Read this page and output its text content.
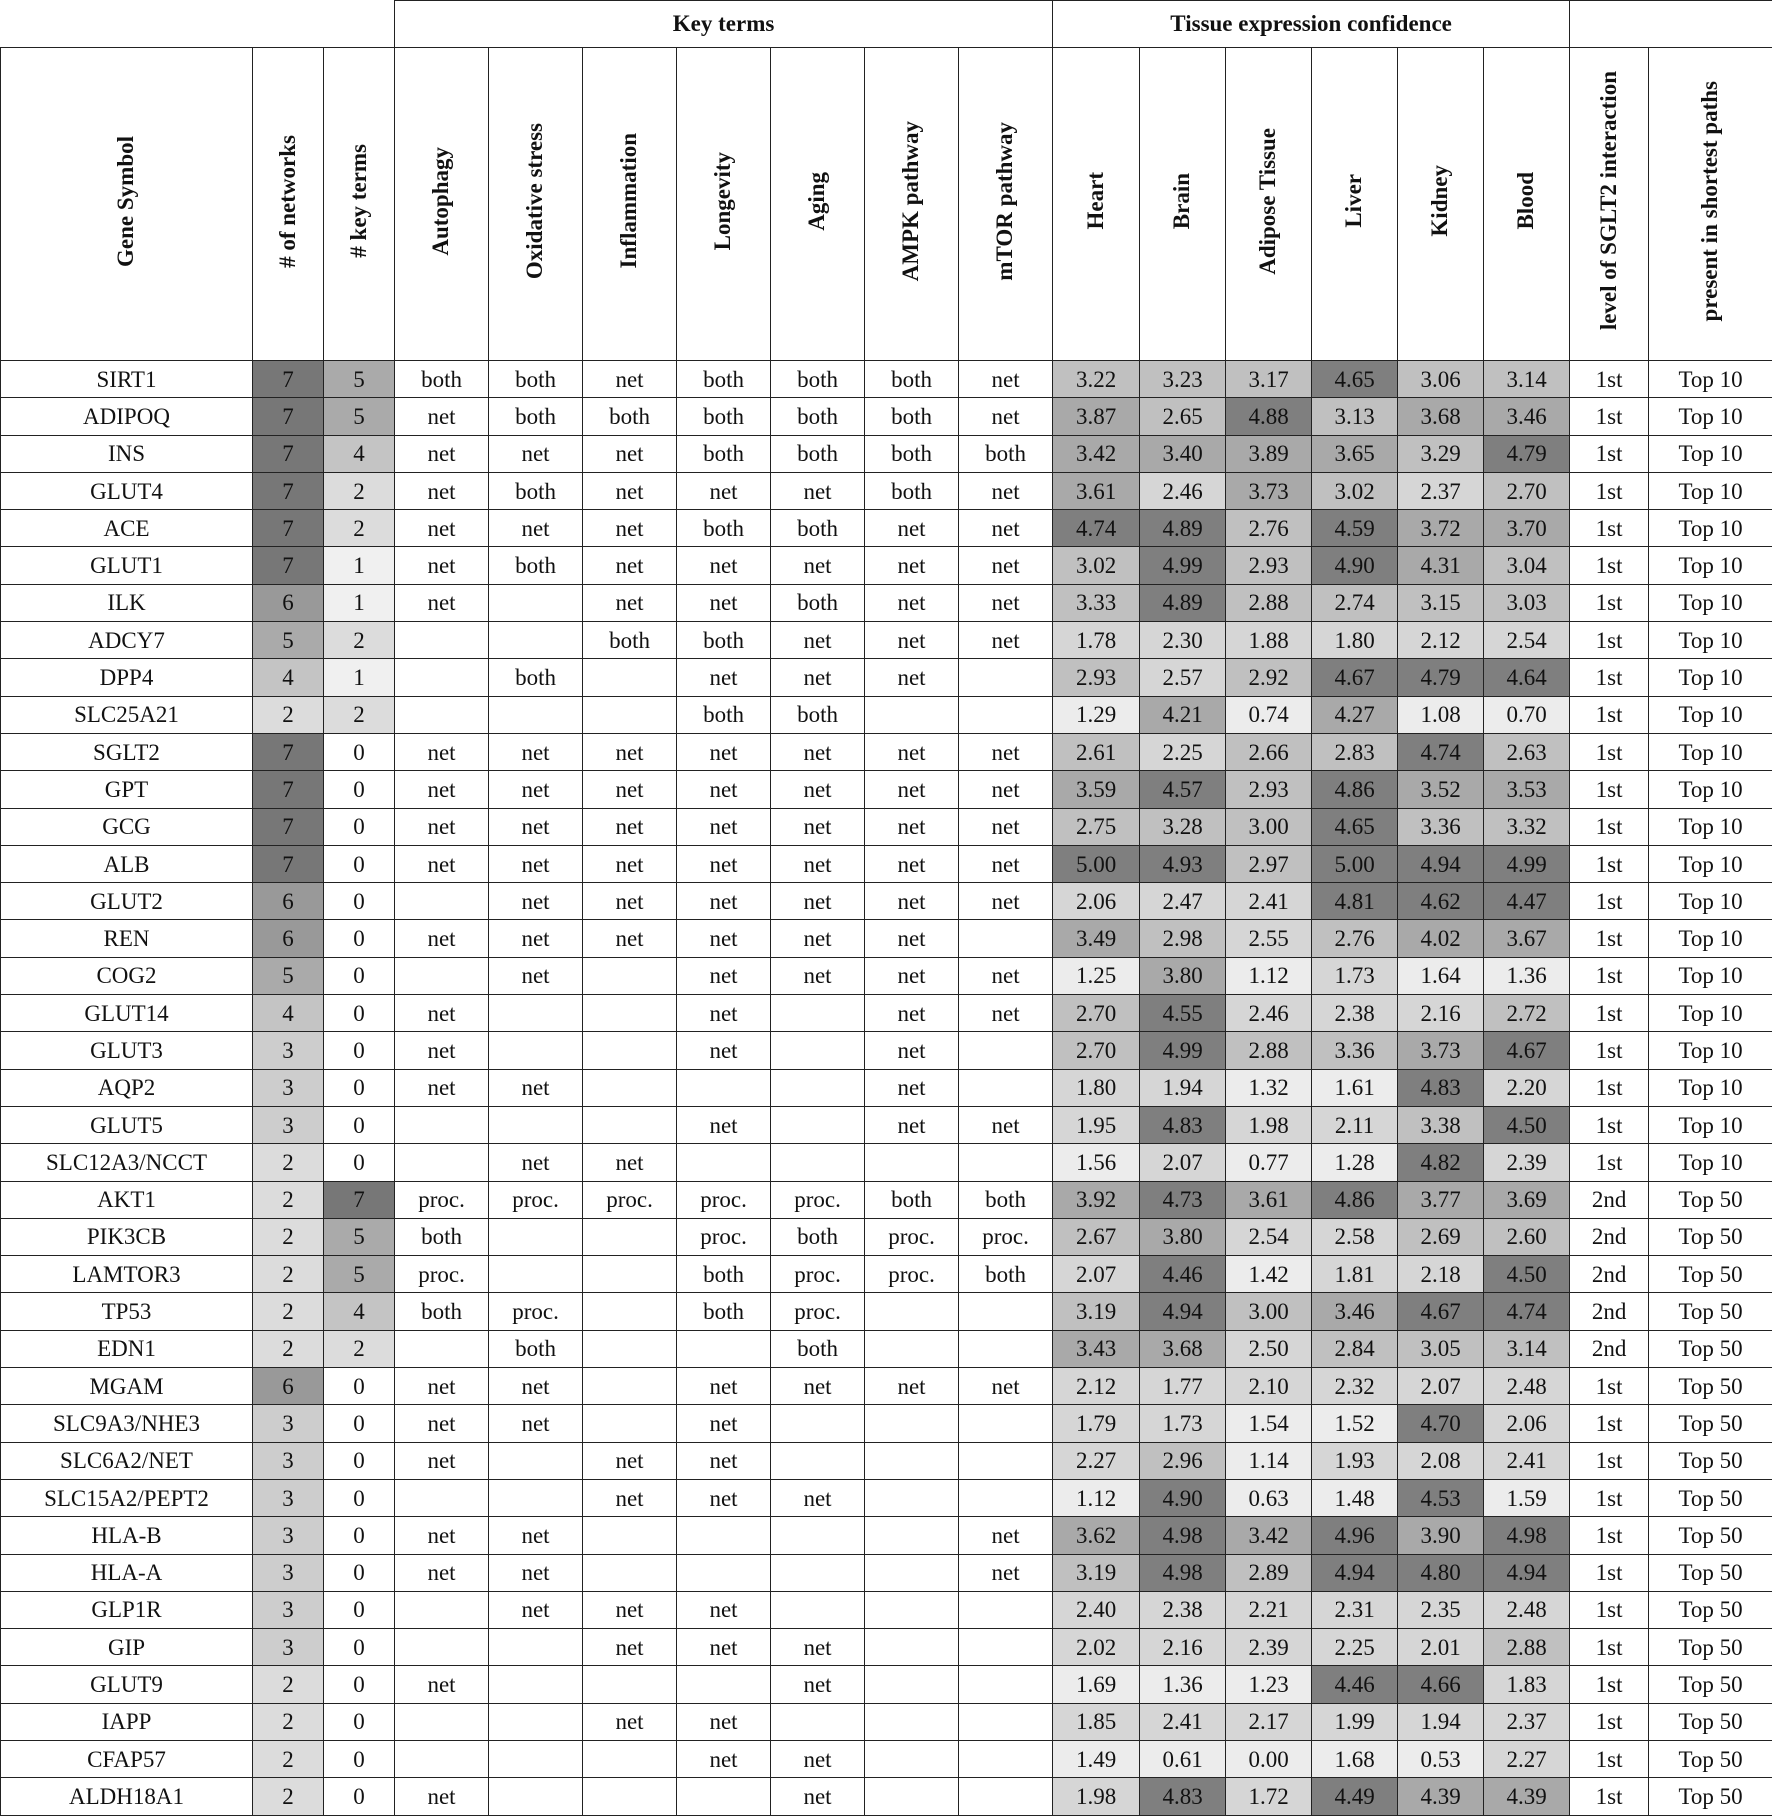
			Key terms							Tissue expression confidence							
Gene Symbol	# of networks	# key terms	Autophagy	Oxidative stress	Inflammation	Longevity	Aging	AMPK pathway	mTOR pathway	Heart	Brain	Adipose Tissue	Liver	Kidney	Blood	level of SGLT2 interaction	present in shortest paths
SIRT1	7	5	both	both	net	both	both	both	net	3.22	3.23	3.17	4.65	3.06	3.14	1st	Top 10
ADIPOQ	7	5	net	both	both	both	both	both	net	3.87	2.65	4.88	3.13	3.68	3.46	1st	Top 10
INS	7	4	net	net	net	both	both	both	both	3.42	3.40	3.89	3.65	3.29	4.79	1st	Top 10
GLUT4	7	2	net	both	net	net	net	both	net	3.61	2.46	3.73	3.02	2.37	2.70	1st	Top 10
ACE	7	2	net	net	net	both	both	net	net	4.74	4.89	2.76	4.59	3.72	3.70	1st	Top 10
GLUT1	7	1	net	both	net	net	net	net	net	3.02	4.99	2.93	4.90	4.31	3.04	1st	Top 10
ILK	6	1	net		net	net	both	net	net	3.33	4.89	2.88	2.74	3.15	3.03	1st	Top 10
ADCY7	5	2			both	both	net	net	net	1.78	2.30	1.88	1.80	2.12	2.54	1st	Top 10
DPP4	4	1		both		net	net	net		2.93	2.57	2.92	4.67	4.79	4.64	1st	Top 10
SLC25A21	2	2				both	both			1.29	4.21	0.74	4.27	1.08	0.70	1st	Top 10
SGLT2	7	0	net	net	net	net	net	net	net	2.61	2.25	2.66	2.83	4.74	2.63	1st	Top 10
GPT	7	0	net	net	net	net	net	net	net	3.59	4.57	2.93	4.86	3.52	3.53	1st	Top 10
GCG	7	0	net	net	net	net	net	net	net	2.75	3.28	3.00	4.65	3.36	3.32	1st	Top 10
ALB	7	0	net	net	net	net	net	net	net	5.00	4.93	2.97	5.00	4.94	4.99	1st	Top 10
GLUT2	6	0		net	net	net	net	net	net	2.06	2.47	2.41	4.81	4.62	4.47	1st	Top 10
REN	6	0	net	net	net	net	net	net		3.49	2.98	2.55	2.76	4.02	3.67	1st	Top 10
COG2	5	0		net		net	net	net	net	1.25	3.80	1.12	1.73	1.64	1.36	1st	Top 10
GLUT14	4	0	net			net		net	net	2.70	4.55	2.46	2.38	2.16	2.72	1st	Top 10
GLUT3	3	0	net			net		net		2.70	4.99	2.88	3.36	3.73	4.67	1st	Top 10
AQP2	3	0	net	net				net		1.80	1.94	1.32	1.61	4.83	2.20	1st	Top 10
GLUT5	3	0				net		net	net	1.95	4.83	1.98	2.11	3.38	4.50	1st	Top 10
SLC12A3/NCCT	2	0		net	net					1.56	2.07	0.77	1.28	4.82	2.39	1st	Top 10
AKT1	2	7	proc.	proc.	proc.	proc.	proc.	both	both	3.92	4.73	3.61	4.86	3.77	3.69	2nd	Top 50
PIK3CB	2	5	both			proc.	both	proc.	proc.	2.67	3.80	2.54	2.58	2.69	2.60	2nd	Top 50
LAMTOR3	2	5	proc.			both	proc.	proc.	both	2.07	4.46	1.42	1.81	2.18	4.50	2nd	Top 50
TP53	2	4	both	proc.		both	proc.			3.19	4.94	3.00	3.46	4.67	4.74	2nd	Top 50
EDN1	2	2		both			both			3.43	3.68	2.50	2.84	3.05	3.14	2nd	Top 50
MGAM	6	0	net	net		net	net	net	net	2.12	1.77	2.10	2.32	2.07	2.48	1st	Top 50
SLC9A3/NHE3	3	0	net	net		net				1.79	1.73	1.54	1.52	4.70	2.06	1st	Top 50
SLC6A2/NET	3	0	net		net	net				2.27	2.96	1.14	1.93	2.08	2.41	1st	Top 50
SLC15A2/PEPT2	3	0			net	net	net			1.12	4.90	0.63	1.48	4.53	1.59	1st	Top 50
HLA-B	3	0	net	net					net	3.62	4.98	3.42	4.96	3.90	4.98	1st	Top 50
HLA-A	3	0	net	net					net	3.19	4.98	2.89	4.94	4.80	4.94	1st	Top 50
GLP1R	3	0		net	net	net				2.40	2.38	2.21	2.31	2.35	2.48	1st	Top 50
GIP	3	0			net	net	net			2.02	2.16	2.39	2.25	2.01	2.88	1st	Top 50
GLUT9	2	0	net				net			1.69	1.36	1.23	4.46	4.66	1.83	1st	Top 50
IAPP	2	0			net	net				1.85	2.41	2.17	1.99	1.94	2.37	1st	Top 50
CFAP57	2	0				net	net			1.49	0.61	0.00	1.68	0.53	2.27	1st	Top 50
ALDH18A1	2	0	net				net			1.98	4.83	1.72	4.49	4.39	4.39	1st	Top 50
